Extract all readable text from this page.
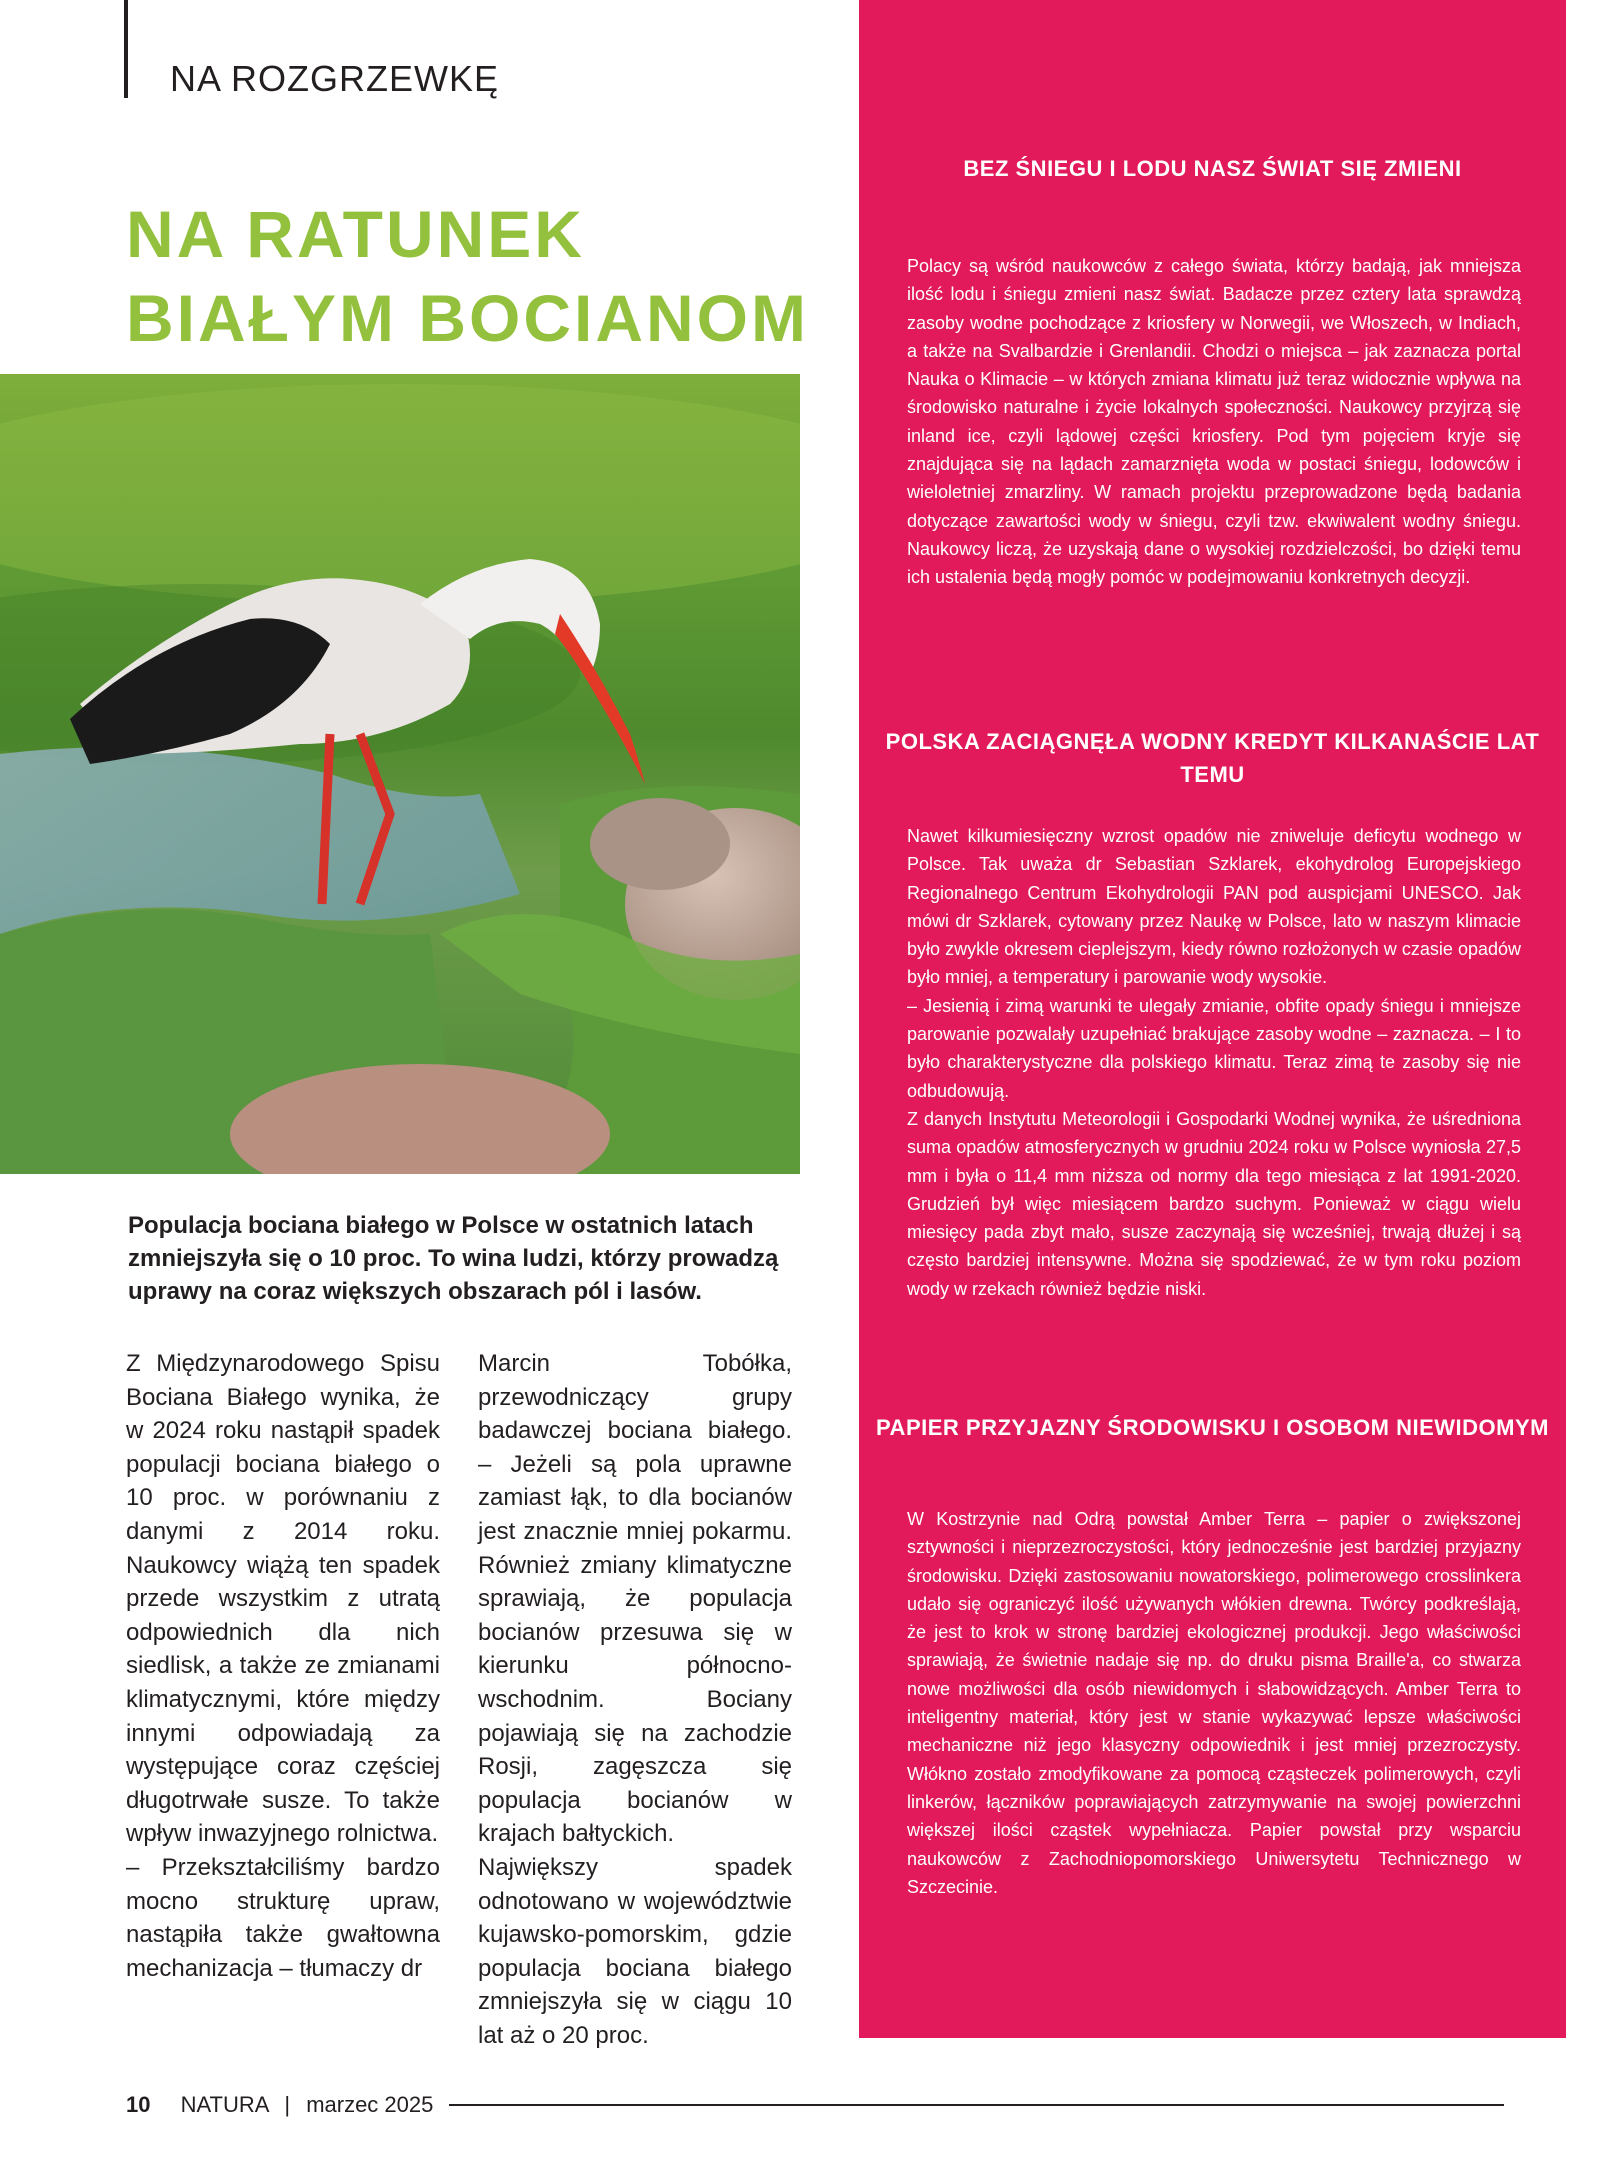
NA ROZGRZEWKĘ
NA RATUNEK
BIAŁYM BOCIANOM

Populacja bociana białego w Polsce w ostatnich latach zmniejszyła się o 10 proc. To wina ludzi, którzy prowadzą uprawy na coraz większych obszarach pól i lasów.

Z Międzynarodowego Spisu Bociana Białego wynika, że w 2024 roku nastąpił spadek populacji bociana białego o 10 proc. w porównaniu z danymi z 2014 roku. Naukowcy wiążą ten spadek przede wszystkim z utratą odpowiednich dla nich siedlisk, a także ze zmianami klimatycznymi, które między innymi odpowiadają za występujące coraz częściej długotrwałe susze. To także wpływ inwazyjnego rolnictwa.

– Przekształciliśmy bardzo mocno strukturę upraw, nastąpiła także gwałtowna mechanizacja – tłumaczy dr

Marcin Tobółka, przewodniczący grupy badawczej bociana białego. – Jeżeli są pola uprawne zamiast łąk, to dla bocianów jest znacznie mniej pokarmu. Również zmiany klimatyczne sprawiają, że populacja bocianów przesuwa się w kierunku północno-wschodnim. Bociany pojawiają się na zachodzie Rosji, zagęszcza się populacja bocianów w krajach bałtyckich.

Największy spadek odnotowano w województwie kujawsko-pomorskim, gdzie populacja bociana białego zmniejszyła się w ciągu 10 lat aż o 20 proc.

BEZ ŚNIEGU I LODU NASZ ŚWIAT SIĘ ZMIENI

Polacy są wśród naukowców z całego świata, którzy badają, jak mniejsza ilość lodu i śniegu zmieni nasz świat. Badacze przez cztery lata sprawdzą zasoby wodne pochodzące z kriosfery w Norwegii, we Włoszech, w Indiach, a także na Svalbardzie i Grenlandii. Chodzi o miejsca – jak zaznacza portal Nauka o Klimacie – w których zmiana klimatu już teraz widocznie wpływa na środowisko naturalne i życie lokalnych społeczności. Naukowcy przyjrzą się inland ice, czyli lądowej części kriosfery. Pod tym pojęciem kryje się znajdująca się na lądach zamarznięta woda w postaci śniegu, lodowców i wieloletniej zmarzliny. W ramach projektu przeprowadzone będą badania dotyczące zawartości wody w śniegu, czyli tzw. ekwiwalent wodny śniegu. Naukowcy liczą, że uzyskają dane o wysokiej rozdzielczości, bo dzięki temu ich ustalenia będą mogły pomóc w podejmowaniu konkretnych decyzji.

POLSKA ZACIĄGNĘŁA WODNY KREDYT KILKANAŚCIE LAT TEMU

Nawet kilkumiesięczny wzrost opadów nie zniweluje deficytu wodnego w Polsce. Tak uważa dr Sebastian Szklarek, ekohydrolog Europejskiego Regionalnego Centrum Ekohydrologii PAN pod auspicjami UNESCO. Jak mówi dr Szklarek, cytowany przez Naukę w Polsce, lato w naszym klimacie było zwykle okresem cieplejszym, kiedy równo rozłożonych w czasie opadów było mniej, a temperatury i parowanie wody wysokie.

– Jesienią i zimą warunki te ulegały zmianie, obfite opady śniegu i mniejsze parowanie pozwalały uzupełniać brakujące zasoby wodne – zaznacza. – I to było charakterystyczne dla polskiego klimatu. Teraz zimą te zasoby się nie odbudowują.

Z danych Instytutu Meteorologii i Gospodarki Wodnej wynika, że uśredniona suma opadów atmosferycznych w grudniu 2024 roku w Polsce wyniosła 27,5 mm i była o 11,4 mm niższa od normy dla tego miesiąca z lat 1991-2020. Grudzień był więc miesiącem bardzo suchym. Ponieważ w ciągu wielu miesięcy pada zbyt mało, susze zaczynają się wcześniej, trwają dłużej i są często bardziej intensywne. Można się spodziewać, że w tym roku poziom wody w rzekach również będzie niski.

PAPIER PRZYJAZNY ŚRODOWISKU I OSOBOM NIEWIDOMYM

W Kostrzynie nad Odrą powstał Amber Terra – papier o zwiększonej sztywności i nieprzezroczystości, który jednocześnie jest bardziej przyjazny środowisku. Dzięki zastosowaniu nowatorskiego, polimerowego crosslinkera udało się ograniczyć ilość używanych włókien drewna. Twórcy podkreślają, że jest to krok w stronę bardziej ekologicznej produkcji. Jego właściwości sprawiają, że świetnie nadaje się np. do druku pisma Braille'a, co stwarza nowe możliwości dla osób niewidomych i słabowidzących. Amber Terra to inteligentny materiał, który jest w stanie wykazywać lepsze właściwości mechaniczne niż jego klasyczny odpowiednik i jest mniej przezroczysty. Włókno zostało zmodyfikowane za pomocą cząsteczek polimerowych, czyli linkerów, łączników poprawiających zatrzymywanie na swojej powierzchni większej ilości cząstek wypełniacza. Papier powstał przy wsparciu naukowców z Zachodniopomorskiego Uniwersytetu Technicznego w Szczecinie.

10 NATURA | marzec 2025
